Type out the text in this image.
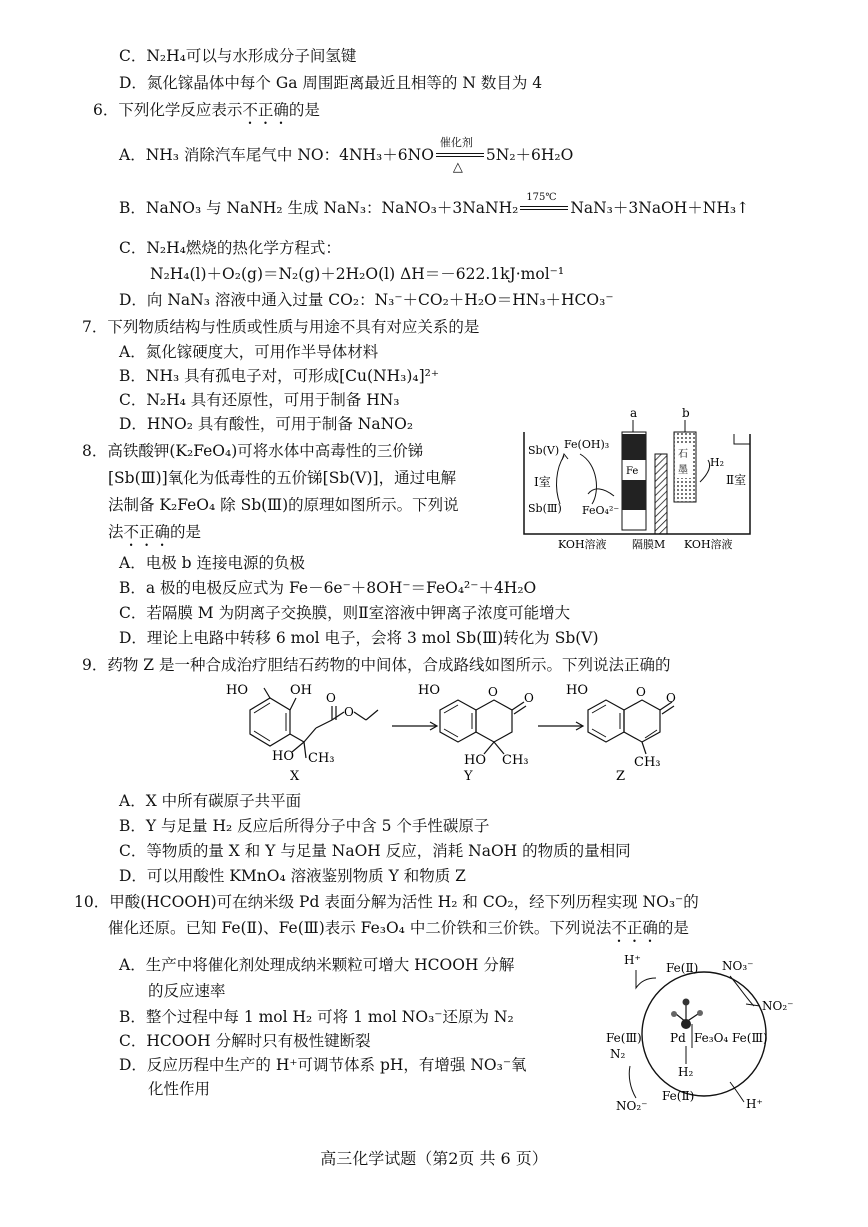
C．N₂H₄可以与水形成分子间氢键
D．氮化镓晶体中每个 Ga 周围距离最近且相等的 N 数目为 4
6．下列化学反应表示不正确的是
A．NH₃ 消除汽车尾气中 NO：4NH₃＋6NO
催化剂
△
5N₂＋6H₂O
B．NaNO₃ 与 NaNH₂ 生成 NaN₃：NaNO₃＋3NaNH₂
175℃
NaN₃＋3NaOH＋NH₃↑
C．N₂H₄燃烧的热化学方程式：
N₂H₄(l)＋O₂(g)＝N₂(g)＋2H₂O(l) ΔH＝－622.1kJ·mol⁻¹
D．向 NaN₃ 溶液中通入过量 CO₂：N₃⁻＋CO₂＋H₂O＝HN₃＋HCO₃⁻
7．下列物质结构与性质或性质与用途不具有对应关系的是
A．氮化镓硬度大，可用作半导体材料
B．NH₃ 具有孤电子对，可形成[Cu(NH₃)₄]²⁺
C．N₂H₄ 具有还原性，可用于制备 HN₃
D．HNO₂ 具有酸性，可用于制备 NaNO₂
8．高铁酸钾(K₂FeO₄)可将水体中高毒性的三价锑
[Sb(Ⅲ)]氧化为低毒性的五价锑[Sb(V)]，通过电解
法制备 K₂FeO₄ 除 Sb(Ⅲ)的原理如图所示。下列说
法不正确的是
a	b
Fe
石
墨
Sb(V) Fe(OH)₃
Ⅰ室
Sb(Ⅲ) FeO₄²⁻
H₂
Ⅱ室
KOH溶液 隔膜M KOH溶液
A．电极 b 连接电源的负极
B．a 极的电极反应式为 Fe－6e⁻＋8OH⁻＝FeO₄²⁻＋4H₂O
C．若隔膜 M 为阴离子交换膜，则Ⅱ室溶液中钾离子浓度可能增大
D．理论上电路中转移 6 mol 电子，会将 3 mol Sb(Ⅲ)转化为 Sb(V)
9．药物 Z 是一种合成治疗胆结石药物的中间体，合成路线如图所示。下列说法正确的
HO	OH O
O
HO CH₃
X
HO	O O
HO CH₃
Y
HO	O O
CH₃
Z
A．X 中所有碳原子共平面
B．Y 与足量 H₂ 反应后所得分子中含 5 个手性碳原子
C．等物质的量 X 和 Y 与足量 NaOH 反应，消耗 NaOH 的物质的量相同
D．可以用酸性 KMnO₄ 溶液鉴别物质 Y 和物质 Z
10．甲酸(HCOOH)可在纳米级 Pd 表面分解为活性 H₂ 和 CO₂，经下列历程实现 NO₃⁻的
催化还原。已知 Fe(Ⅱ)、Fe(Ⅲ)表示 Fe₃O₄ 中二价铁和三价铁。下列说法不正确的是
A．生产中将催化剂处理成纳米颗粒可增大 HCOOH 分解
的反应速率
B．整个过程中每 1 mol H₂ 可将 1 mol NO₃⁻还原为 N₂
C．HCOOH 分解时只有极性键断裂
D．反应历程中生产的 H⁺可调节体系 pH，有增强 NO₃⁻氧
化性作用
Pd Fe₃O₄
H₂
H⁺
Fe(Ⅱ) NO₃⁻
NO₂⁻
Fe(Ⅲ)
N₂
Fe(Ⅲ)
Fe(Ⅱ)
NO₂⁻	H⁺
高三化学试题（第2页 共 6 页）
